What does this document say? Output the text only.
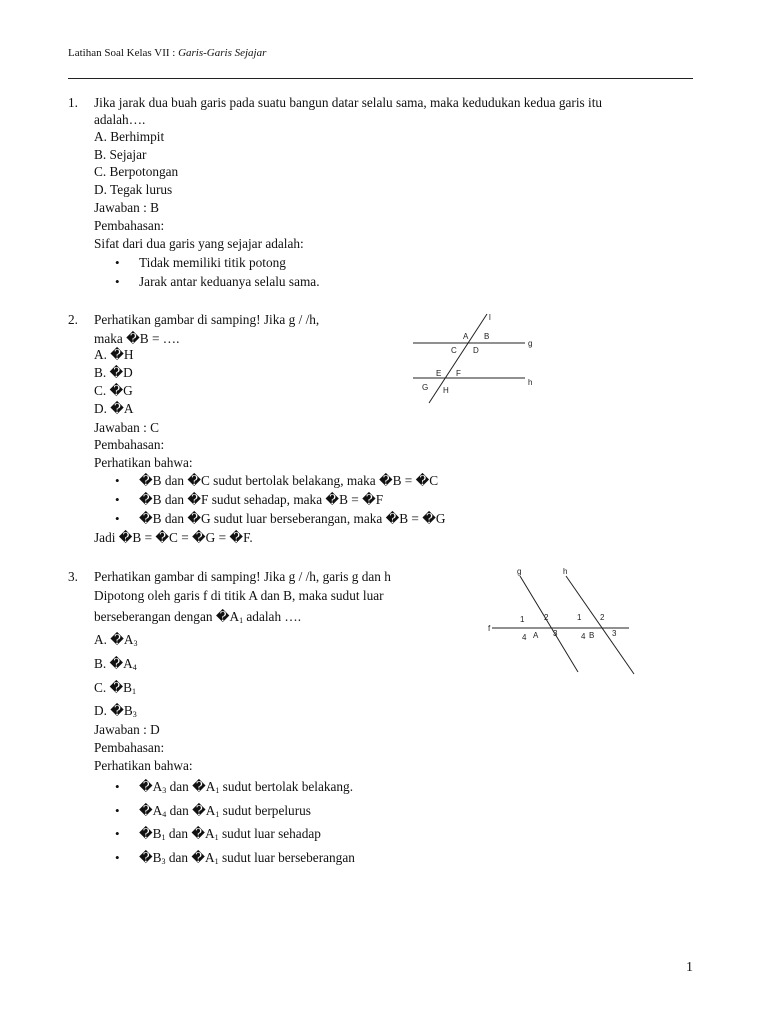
Latihan Soal Kelas VII : Garis-Garis Sejajar
1. Jika jarak dua buah garis pada suatu bangun datar selalu sama, maka kedudukan kedua garis itu
adalah….
A. Berhimpit
B. Sejajar
C. Berpotongan
D. Tegak lurus
Jawaban : B
Pembahasan:
Sifat dari dua garis yang sejajar adalah:
• Tidak memiliki titik potong
• Jarak antar keduanya selalu sama.
2. Perhatikan gambar di samping! Jika g / /h,
maka �B = ….
A. �H
B. �D
C. �G
D. �A
Jawaban : C
Pembahasan:
Perhatikan bahwa:
• �B dan �C sudut bertolak belakang, maka �B = �C
• �B dan �F sudut sehadap, maka �B = �F
• �B dan �G sudut luar berseberangan, maka �B = �G
Jadi �B = �C = �G = �F.
l
g
h
A B
C D
E F
G H
3. Perhatikan gambar di samping! Jika g / /h, garis g dan h
Dipotong oleh garis f di titik A dan B, maka sudut luar
berseberangan dengan $�A_1$ adalah ….
A. $�A_3$
B. $�A_4$
C. $�B_1$
D. $�B_3$
Jawaban : D
Pembahasan:
Perhatikan bahwa:
• $�A_3$ dan $�A_1$ sudut bertolak belakang.
• $�A_4$ dan $�A_1$ sudut berpelurus
• $�B_1$ dan $�A_1$ sudut luar sehadap
• $�B_3$ dan $�A_1$ sudut luar berseberangan
g	h
f
A	B
1 2
4	3
1 2
4	3
1
